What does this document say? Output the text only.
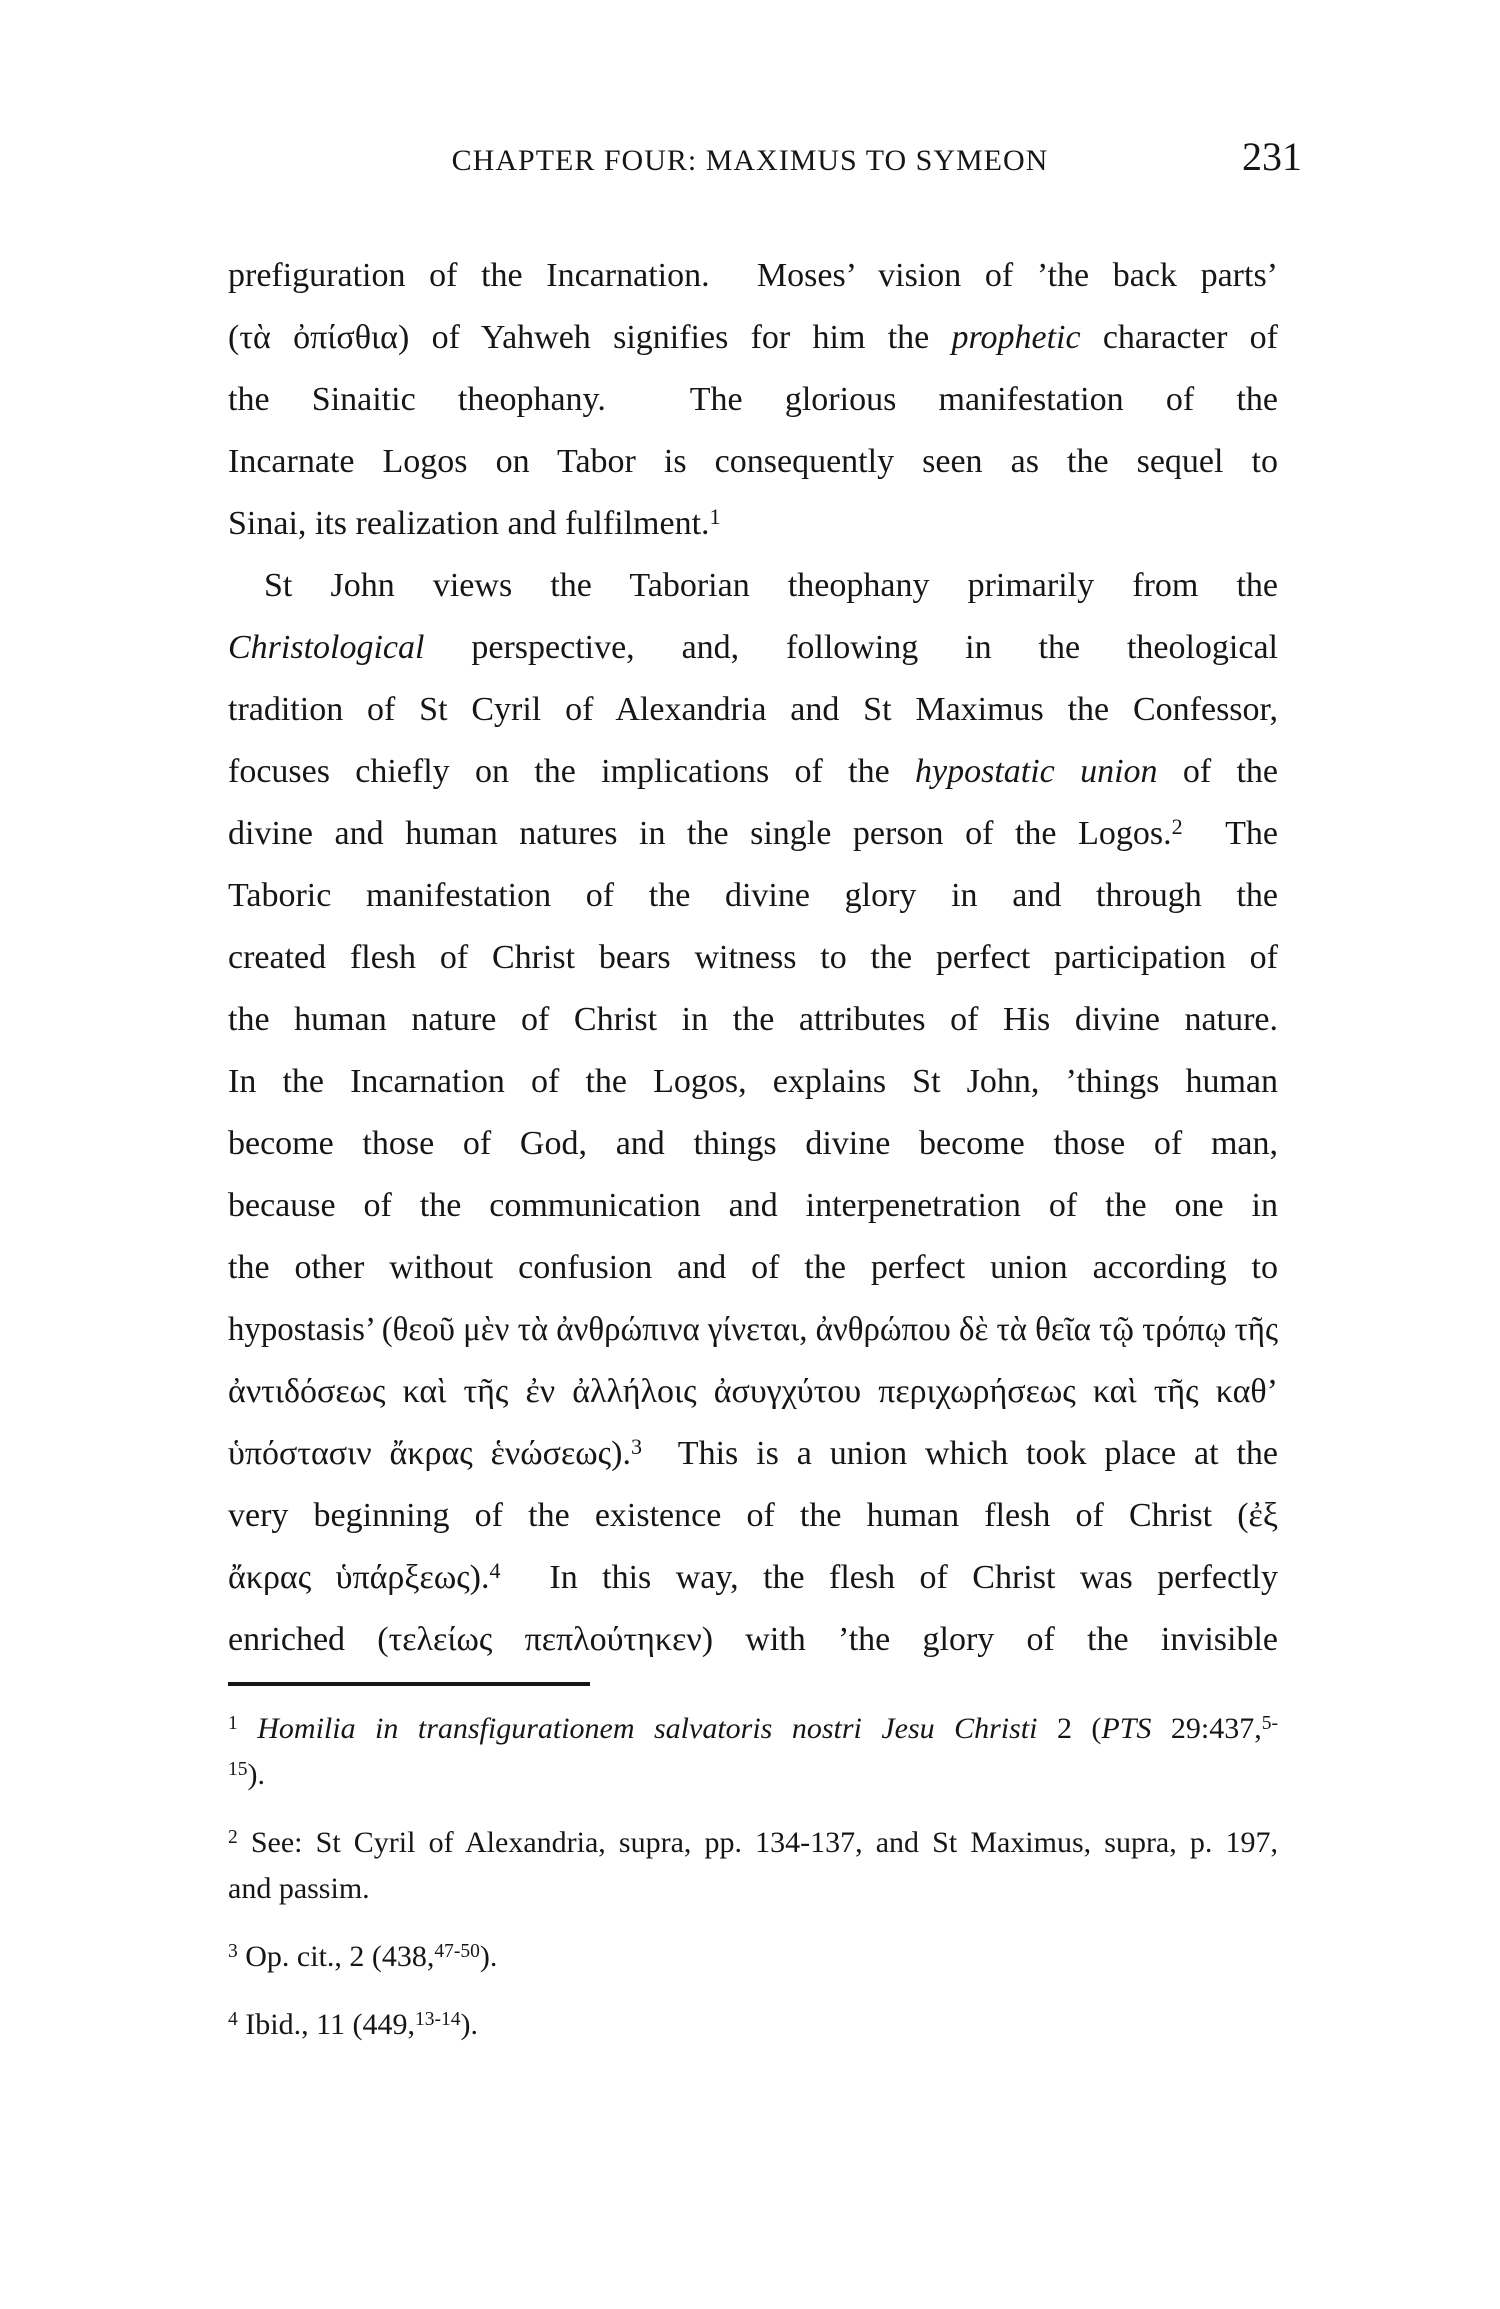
CHAPTER FOUR: MAXIMUS TO SYMEON	231
prefiguration of the Incarnation.  Moses’ vision of ’the back parts’
(τὰ ὀπίσθια) of Yahweh signifies for him the prophetic character of
the Sinaitic theophany.  The glorious manifestation of the
Incarnate Logos on Tabor is consequently seen as the sequel to
Sinai, its realization and fulfilment.$^1$
St John views the Taborian theophany primarily from the
Christological perspective, and, following in the theological
tradition of St Cyril of Alexandria and St Maximus the Confessor,
focuses chiefly on the implications of the hypostatic union of the
divine and human natures in the single person of the Logos.$^2$  The
Taboric manifestation of the divine glory in and through the
created flesh of Christ bears witness to the perfect participation of
the human nature of Christ in the attributes of His divine nature.
In the Incarnation of the Logos, explains St John, ’things human
become those of God, and things divine become those of man,
because of the communication and interpenetration of the one in
the other without confusion and of the perfect union according to
hypostasis’ (θεοῦ μὲν τὰ ἀνθρώπινα γίνεται, ἀνθρώπου δὲ τὰ θεῖα τῷ τρόπῳ τῆς
ἀντιδόσεως καὶ τῆς ἐν ἀλλήλοις ἀσυγχύτου περιχωρήσεως καὶ τῆς καθ’
ὑπόστασιν ἄκρας ἑνώσεως).$^3$  This is a union which took place at the
very beginning of the existence of the human flesh of Christ (ἐξ
ἄκρας ὑπάρξεως).$^4$  In this way, the flesh of Christ was perfectly
enriched (τελείως πεπλούτηκεν) with ’the glory of the invisible
$^1$ Homilia in transfigurationem salvatoris nostri Jesu Christi 2 (PTS 29:437,$^{5-}$
$^{15}$).
$^2$ See: St Cyril of Alexandria, supra, pp. 134-137, and St Maximus, supra, p. 197,
and passim.
$^3$ Op. cit., 2 (438,$^{47-50}$).
$^4$ Ibid., 11 (449,$^{13-14}$).
